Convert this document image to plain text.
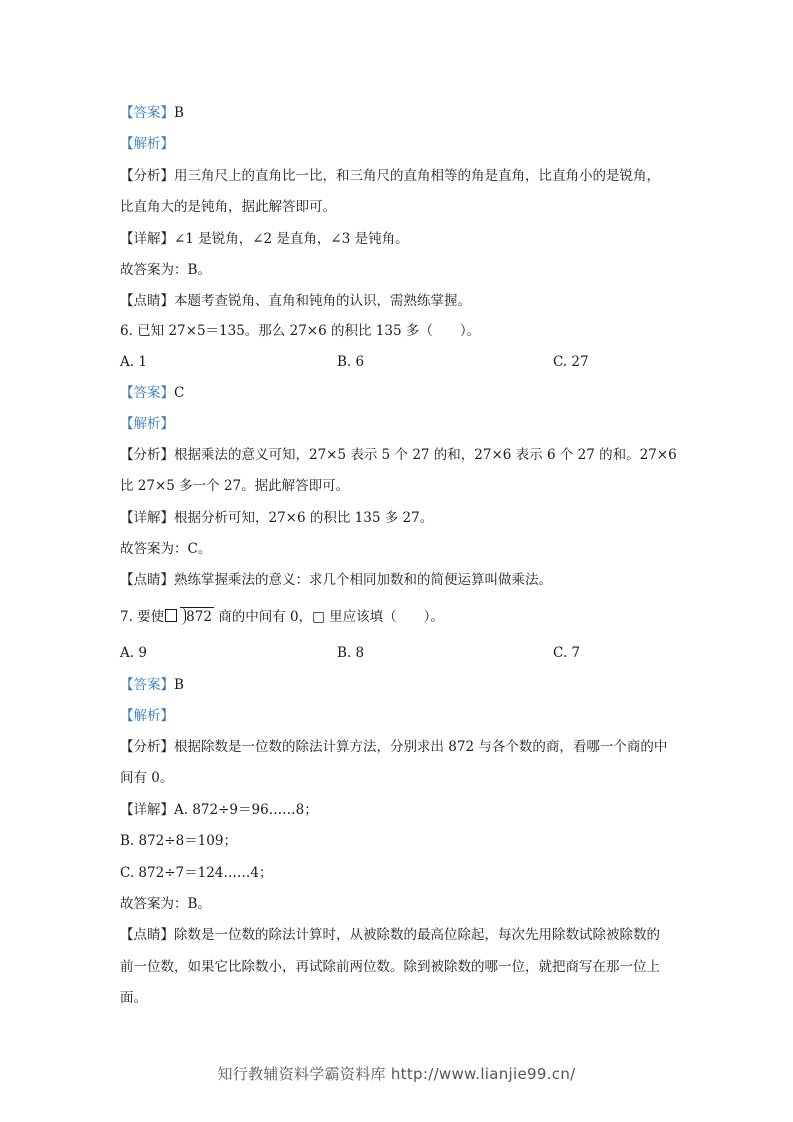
【答案】B
【解析】
【分析】用三角尺上的直角比一比，和三角尺的直角相等的角是直角，比直角小的是锐角，
比直角大的是钝角，据此解答即可。
【详解】∠1 是锐角，∠2 是直角，∠3 是钝角。
故答案为：B。
【点睛】本题考查锐角、直角和钝角的认识，需熟练掌握。
6. 已知 27×5＝135。那么 27×6 的积比 135 多（　　）。
A. 1	B. 6	C. 27
【答案】C
【解析】
【分析】根据乘法的意义可知，27×5 表示 5 个 27 的和，27×6 表示 6 个 27 的和。27×6
比 27×5 多一个 27。据此解答即可。
【详解】根据分析可知，27×6 的积比 135 多 27。
故答案为：C。
【点睛】熟练掌握乘法的意义：求几个相同加数和的简便运算叫做乘法。
7. 要使 872 商的中间有 0，□ 里应该填（　　）。
A. 9	B. 8	C. 7
【答案】B
【解析】
【分析】根据除数是一位数的除法计算方法，分别求出 872 与各个数的商，看哪一个商的中
间有 0。
【详解】A. 872÷9＝96……8；
B. 872÷8＝109；
C. 872÷7＝124……4；
故答案为：B。
【点睛】除数是一位数的除法计算时，从被除数的最高位除起，每次先用除数试除被除数的
前一位数，如果它比除数小，再试除前两位数。除到被除数的哪一位，就把商写在那一位上
面。
知行教辅资料学霸资料库 http://www.lianjie99.cn/
